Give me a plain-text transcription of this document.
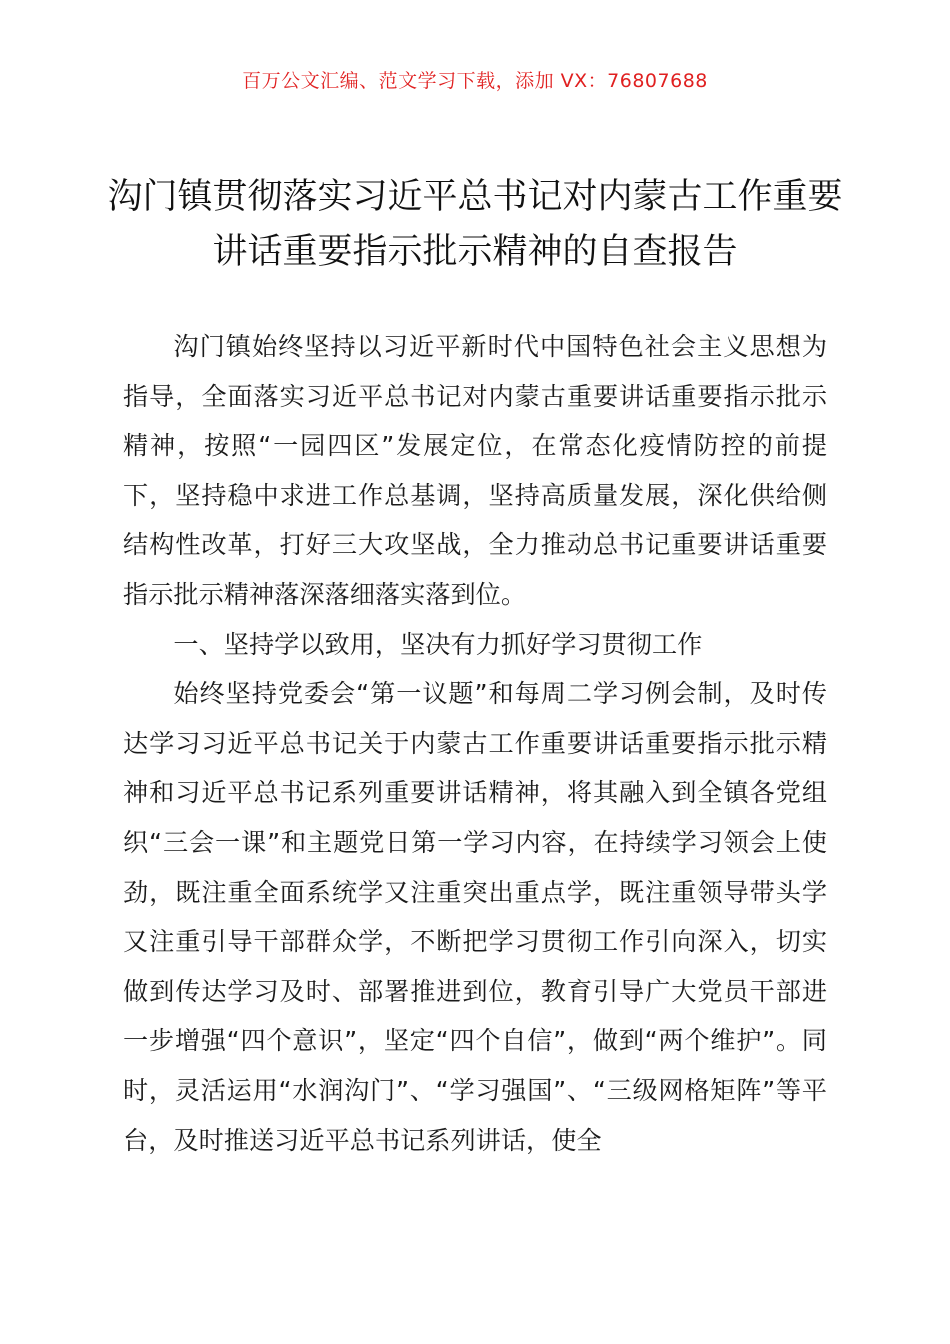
百万公文汇编、范文学习下载，添加 VX：76807688
沟门镇贯彻落实习近平总书记对内蒙古工作重要
讲话重要指示批示精神的自查报告

沟门镇始终坚持以习近平新时代中国特色社会主义思想为指导，全面落实习近平总书记对内蒙古重要讲话重要指示批示精神，按照“一园四区”发展定位，在常态化疫情防控的前提下，坚持稳中求进工作总基调，坚持高质量发展，深化供给侧结构性改革，打好三大攻坚战，全力推动总书记重要讲话重要指示批示精神落深落细落实落到位。

一、坚持学以致用，坚决有力抓好学习贯彻工作

始终坚持党委会“第一议题”和每周二学习例会制，及时传达学习习近平总书记关于内蒙古工作重要讲话重要指示批示精神和习近平总书记系列重要讲话精神，将其融入到全镇各党组织“三会一课”和主题党日第一学习内容，在持续学习领会上使劲，既注重全面系统学又注重突出重点学，既注重领导带头学又注重引导干部群众学，不断把学习贯彻工作引向深入，切实做到传达学习及时、部署推进到位，教育引导广大党员干部进一步增强“四个意识”，坚定“四个自信”，做到“两个维护”。同时，灵活运用“水润沟门”、“学习强国”、“三级网格矩阵”等平台，及时推送习近平总书记系列讲话，使全
